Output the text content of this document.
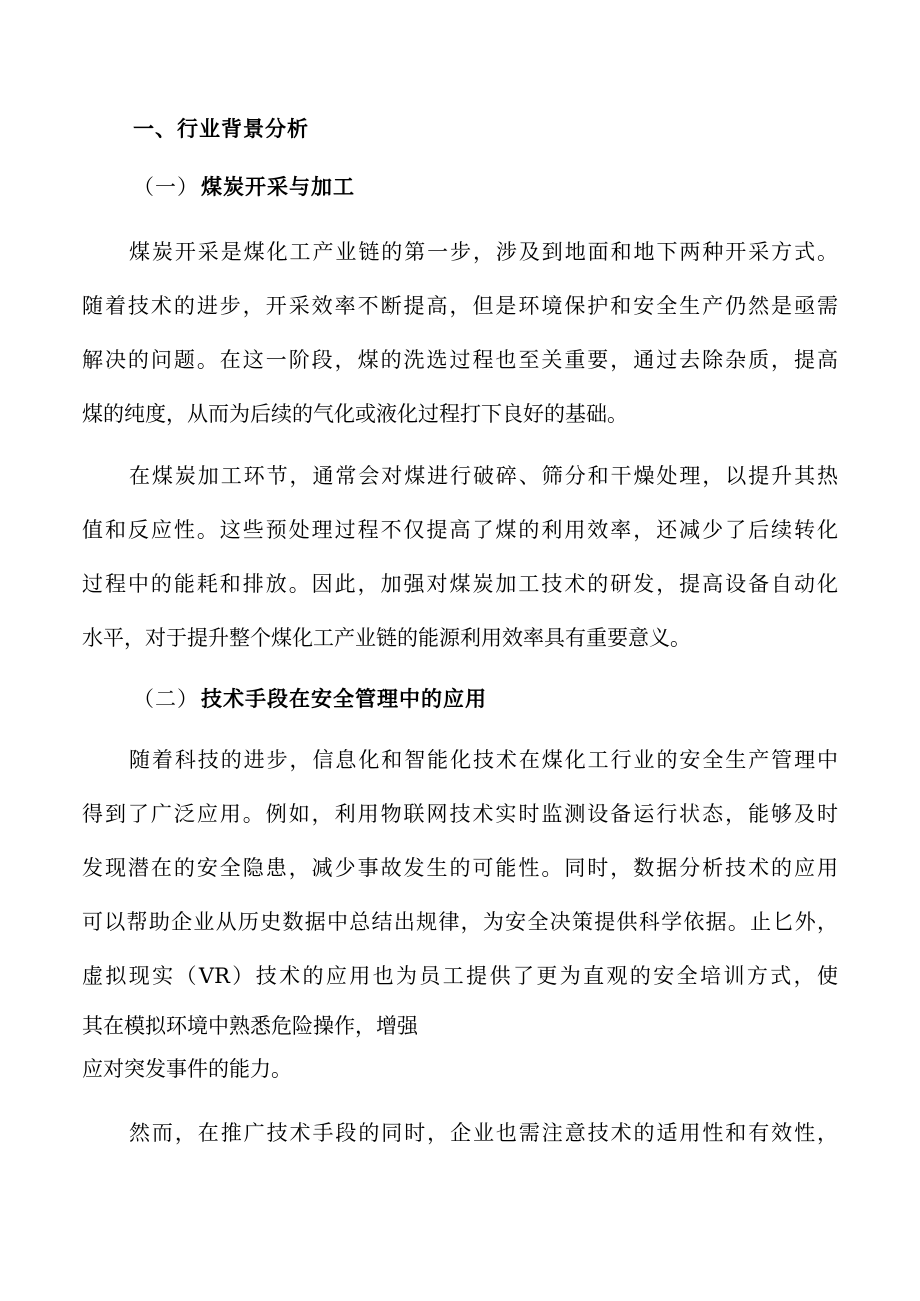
一、行业背景分析
（一）煤炭开采与加工
煤炭开采是煤化工产业链的第一步，涉及到地面和地下两种开采方式。
随着技术的进步，开采效率不断提高，但是环境保护和安全生产仍然是亟需
解决的问题。在这一阶段，煤的洗选过程也至关重要，通过去除杂质，提高
煤的纯度，从而为后续的气化或液化过程打下良好的基础。
在煤炭加工环节，通常会对煤进行破碎、筛分和干燥处理，以提升其热
值和反应性。这些预处理过程不仅提高了煤的利用效率，还减少了后续转化
过程中的能耗和排放。因此，加强对煤炭加工技术的研发，提高设备自动化
水平，对于提升整个煤化工产业链的能源利用效率具有重要意义。
（二）技术手段在安全管理中的应用
随着科技的进步，信息化和智能化技术在煤化工行业的安全生产管理中
得到了广泛应用。例如，利用物联网技术实时监测设备运行状态，能够及时
发现潜在的安全隐患，减少事故发生的可能性。同时，数据分析技术的应用
可以帮助企业从历史数据中总结出规律，为安全决策提供科学依据。止匕外，
虚拟现实（VR）技术的应用也为员工提供了更为直观的安全培训方式，使
其在模拟环境中熟悉危险操作，增强
应对突发事件的能力。
然而，在推广技术手段的同时，企业也需注意技术的适用性和有效性，
